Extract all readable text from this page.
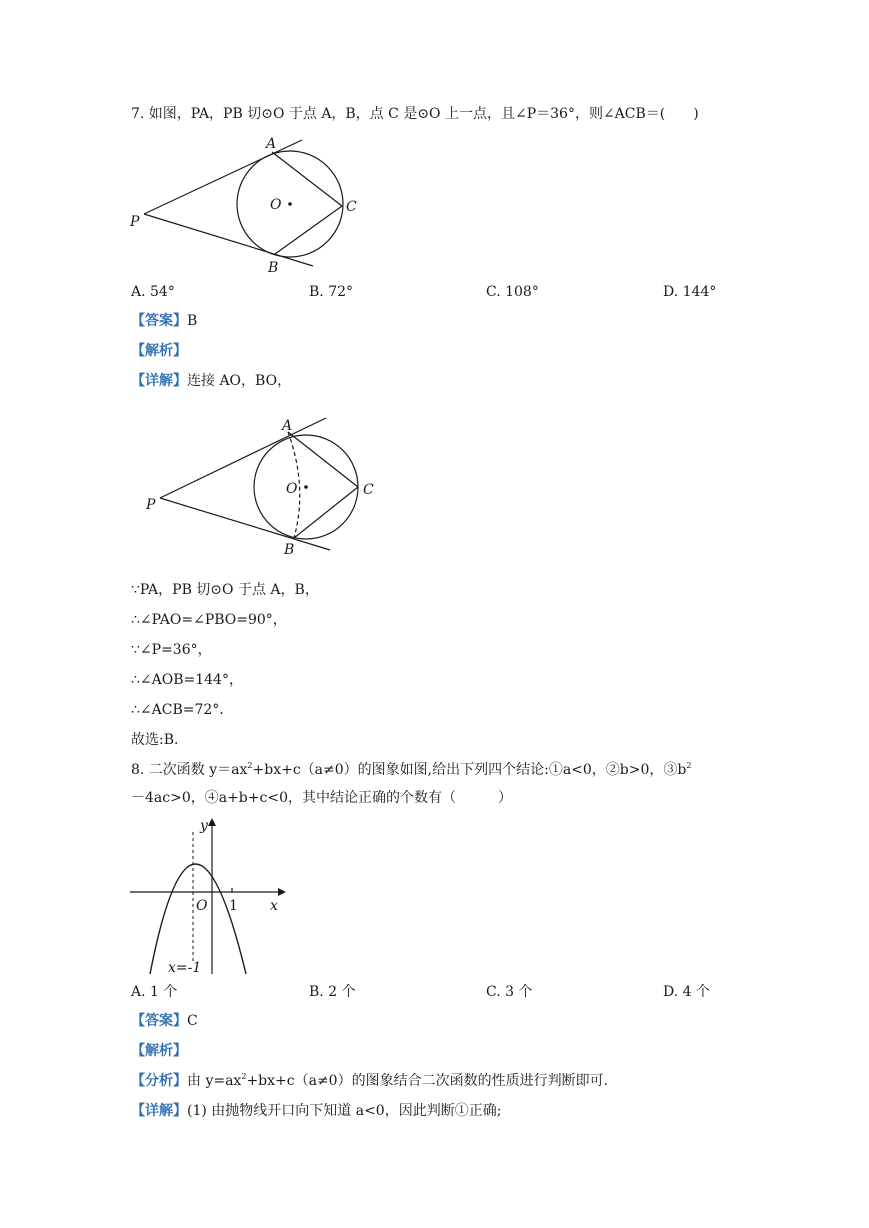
7. 如图，PA，PB 切⊙O 于点 A，B，点 C 是⊙O 上一点，且∠P＝36°，则∠ACB＝(　　)
A
O	C
P
B
A. 54°	B. 72°	C. 108°	D. 144°
【答案】B
【解析】
【详解】连接 AO，BO，
A
O	C
P
B
∵PA，PB 切⊙O 于点 A，B，
∴∠PAO=∠PBO=90°，
∵∠P=36°，
∴∠AOB=144°，
∴∠ACB=72°．
故选:B.
8. 二次函数 $y=ax^2+bx+c(a\ne 0)$的图象如图,给出下列四个结论:①a<0，②b>0，$③b^2$
－4ac>0，④a+b+c<0，其中结论正确的个数有（　　　）
y
x
O 1
x=-1
A. 1 个	B. 2 个	C. 3 个	D. 4 个
【答案】C
【解析】
【分析】由 $y=ax^2+bx+c(a\ne 0)$的图象结合二次函数的性质进行判断即可.
【详解】(1) 由抛物线开口向下知道 a<0，因此判断①正确;
